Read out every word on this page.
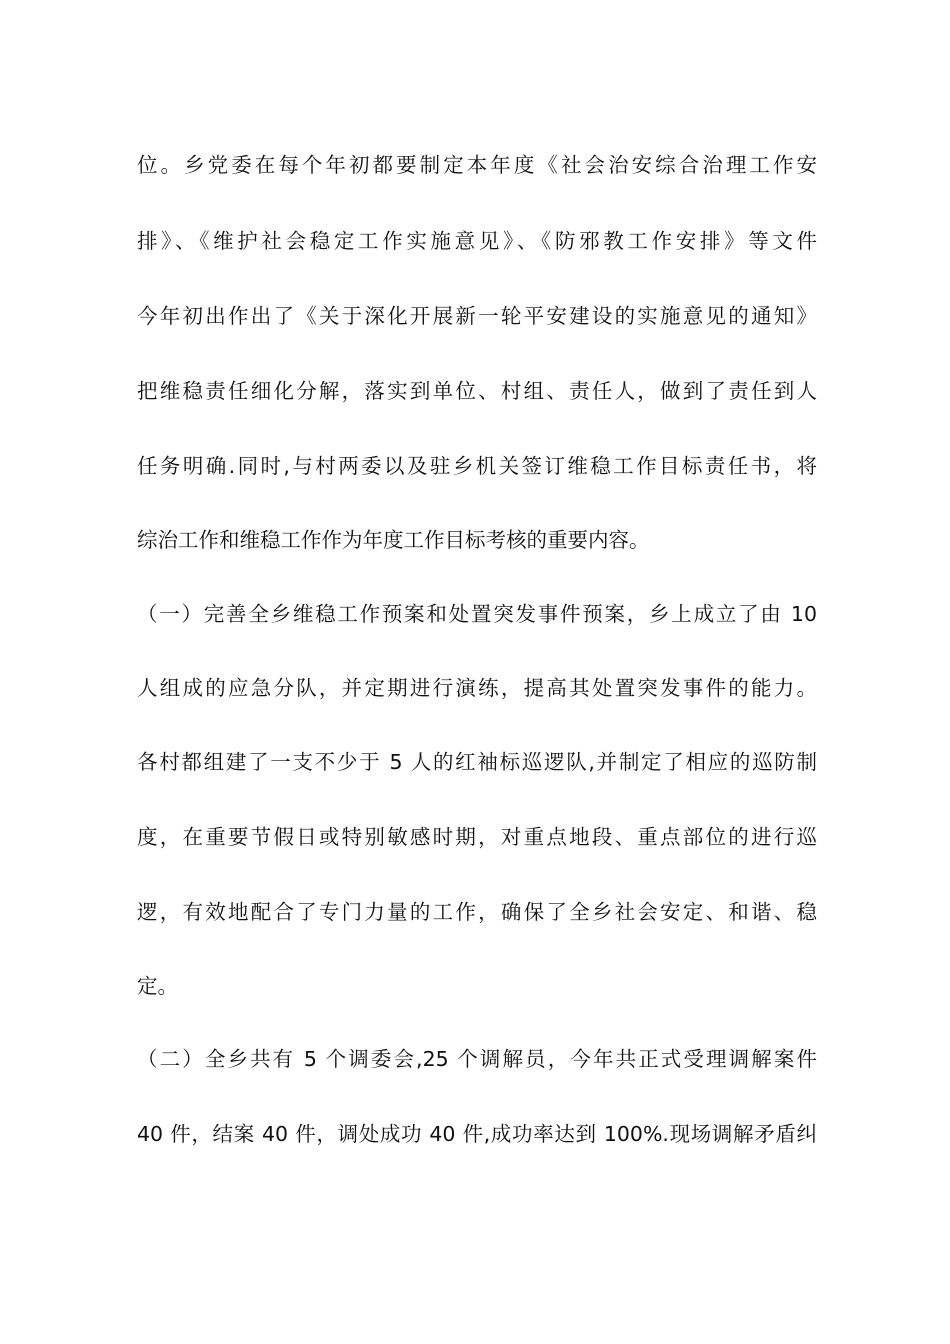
位。乡党委在每个年初都要制定本年度《社会治安综合治理工作安
排》、《维护社会稳定工作实施意见》、《防邪教工作安排》等文件
今年初出作出了《关于深化开展新一轮平安建设的实施意见的通知》
把维稳责任细化分解，落实到单位、村组、责任人，做到了责任到人
任务明确.同时,与村两委以及驻乡机关签订维稳工作目标责任书，将
综治工作和维稳工作作为年度工作目标考核的重要内容。
（一）完善全乡维稳工作预案和处置突发事件预案，乡上成立了由 10
人组成的应急分队，并定期进行演练，提高其处置突发事件的能力。
各村都组建了一支不少于 5 人的红袖标巡逻队,并制定了相应的巡防制
度，在重要节假日或特别敏感时期，对重点地段、重点部位的进行巡
逻，有效地配合了专门力量的工作，确保了全乡社会安定、和谐、稳
定。
（二）全乡共有 5 个调委会,25 个调解员，今年共正式受理调解案件
40 件，结案 40 件，调处成功 40 件,成功率达到 100%.现场调解矛盾纠
